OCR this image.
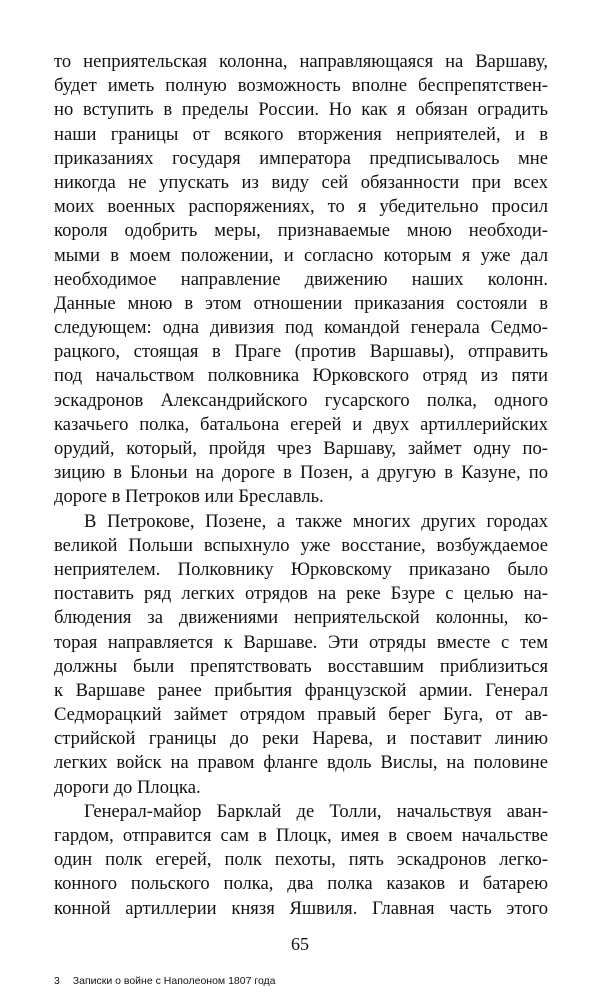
то неприятельская колонна, направляющаяся на Варшаву,
будет иметь полную возможность вполне беспрепятствен-
но вступить в пределы России. Но как я обязан оградить
наши границы от всякого вторжения неприятелей, и в
приказаниях государя императора предписывалось мне
никогда не упускать из виду сей обязанности при всех
моих военных распоряжениях, то я убедительно просил
короля одобрить меры, признаваемые мною необходи-
мыми в моем положении, и согласно которым я уже дал
необходимое направление движению наших колонн.
Данные мною в этом отношении приказания состояли в
следующем: одна дивизия под командой генерала Седмо-
рацкого, стоящая в Праге (против Варшавы), отправить
под начальством полковника Юрковского отряд из пяти
эскадронов Александрийского гусарского полка, одного
казачьего полка, батальона егерей и двух артиллерийских
орудий, который, пройдя чрез Варшаву, займет одну по-
зицию в Блоньи на дороге в Позен, а другую в Казуне, по
дороге в Петроков или Бреславль.
В Петрокове, Позене, а также многих других городах
великой Польши вспыхнуло уже восстание, возбуждаемое
неприятелем. Полковнику Юрковскому приказано было
поставить ряд легких отрядов на реке Бзуре с целью на-
блюдения за движениями неприятельской колонны, ко-
торая направляется к Варшаве. Эти отряды вместе с тем
должны были препятствовать восставшим приблизиться
к Варшаве ранее прибытия французской армии. Генерал
Седморацкий займет отрядом правый берег Буга, от ав-
стрийской границы до реки Нарева, и поставит линию
легких войск на правом фланге вдоль Вислы, на половине
дороги до Плоцка.
Генерал-майор Барклай де Толли, начальствуя аван-
гардом, отправится сам в Плоцк, имея в своем начальстве
один полк егерей, полк пехоты, пять эскадронов легко-
конного польского полка, два полка казаков и батарею
конной артиллерии князя Яшвиля. Главная часть этого
65
3 Записки о войне с Наполеоном 1807 года
